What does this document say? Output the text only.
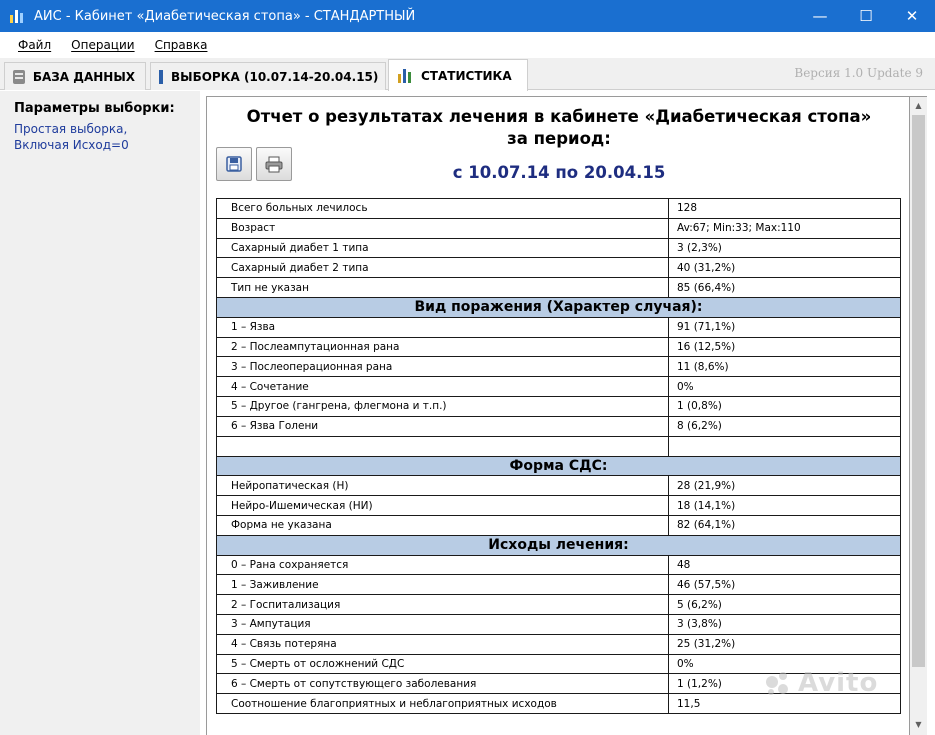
АИС - Кабинет «Диабетическая стопа» - СТАНДАРТНЫЙ	—	☐	✕
Файл Операции Справка
БАЗА ДАННЫХ	ВЫБОРКА (10.07.14-20.04.15)	СТАТИСТИКА	Версия 1.0 Update 9
Параметры выборки:
Простая выборка,
Включая Исход=0
Отчет о результатах лечения в кабинете «Диабетическая стопа»
за период:
с 10.07.14 по 20.04.15
Всего больных лечилось	128
Возраст	Av:67; Min:33; Max:110
Сахарный диабет 1 типа	3 (2,3%)
Сахарный диабет 2 типа	40 (31,2%)
Тип не указан	85 (66,4%)
Вид поражения (Характер случая):	
1 – Язва	91 (71,1%)
2 – Послеампутационная рана	16 (12,5%)
3 – Послеоперационная рана	11 (8,6%)
4 – Сочетание	0%
5 – Другое (гангрена, флегмона и т.п.)	1 (0,8%)
6 – Язва Голени	8 (6,2%)

Форма СДС:	
Нейропатическая (Н)	28 (21,9%)
Нейро-Ишемическая (НИ)	18 (14,1%)
Форма не указана	82 (64,1%)
Исходы лечения:	
0 – Рана сохраняется	48
1 – Заживление	46 (57,5%)
2 – Госпитализация	5 (6,2%)
3 – Ампутация	3 (3,8%)
4 – Связь потеряна	25 (31,2%)
5 – Смерть от осложнений СДС	0%
6 – Смерть от сопутствующего заболевания	1 (1,2%)
Соотношение благоприятных и неблагоприятных исходов	11,5
▲
▼
Avito
